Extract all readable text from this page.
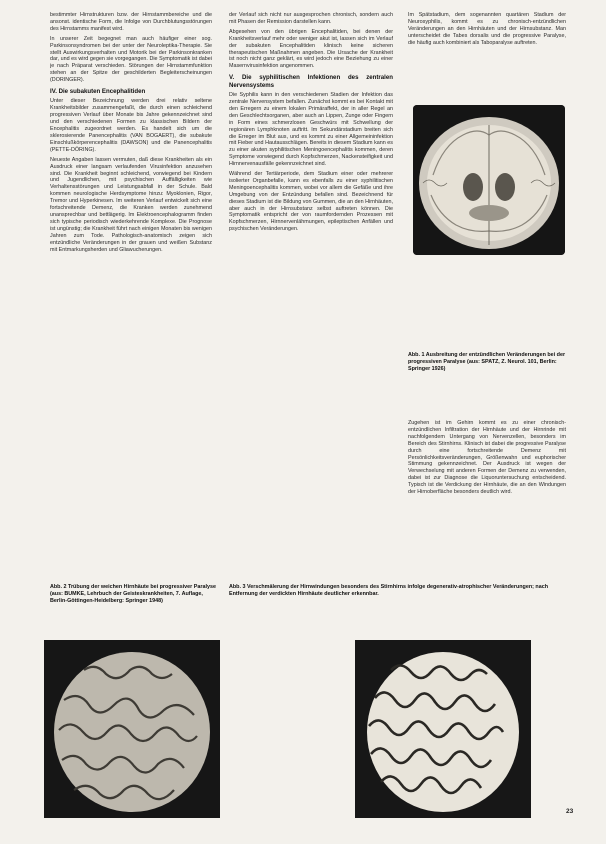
bestimmter Hirnstrukturen bzw. der Hirnstammbereiche und die ansonst. identische Form, die Infolge von Durchblutungsstörungen des Hirnstamms manifest wird.

In unserer Zeit begegnet man auch häufiger einer sog. Parkinsonsyndromen bei der unter der Neuroleptika-Therapie. Sie stellt Auswirkungsverhalten und Motorik bei der Parkinsonkranken dar, und es wird gegen sie vorgegangen. Die Symptomatik ist dabei je nach Präparat verschieden. Störungen der Hirnstammfunktion stehen an der Spitze der geschilderten Begleiterscheinungen (DORINGER).

IV. Die subakuten Encephalitiden

Unter dieser Bezeichnung werden drei relativ seltene Krankheitsbilder zusammengefaßt, die durch einen schleichend progressiven Verlauf über Monate bis Jahre gekennzeichnet sind und den verschiedenen Formen zu klassischen Bildern der Encephalitis zugeordnet werden. Es handelt sich um die sklerosierende Panencephalitis (VAN BOGAERT), die subakute Einschlußkörperencephalitis (DAWSON) und die Panencephalitis (PETTE-DÖRING).

Neueste Angaben lassen vermuten, daß diese Krankheiten als ein Ausdruck einer langsam verlaufenden Virusinfektion anzusehen sind. Die Krankheit beginnt schleichend, vorwiegend bei Kindern und Jugendlichen, mit psychischen Auffälligkeiten wie Verhaltensstörungen und Leistungsabfall in der Schule. Bald kommen neurologische Herdsymptome hinzu: Myoklonien, Rigor, Tremor und Hyperkinesen. Im weiteren Verlauf entwickelt sich eine fortschreitende Demenz, die Kranken werden zunehmend unansprechbar und bettlägerig. Im Elektroencephalogramm finden sich typische periodisch wiederkehrende Komplexe. Die Prognose ist ungünstig; die Krankheit führt nach einigen Monaten bis wenigen Jahren zum Tode. Pathologisch-anatomisch zeigen sich entzündliche Veränderungen in der grauen und weißen Substanz mit Entmarkungsherden und Gliawucherungen.

der Verlauf sich nicht nur ausgesprochen chronisch, sondern auch mit Phasen der Remission darstellen kann.

Abgesehen von den übrigen Encephalitiden, bei denen der Krankheitsverlauf mehr oder weniger akut ist, lassen sich im Verlauf der subakuten Encephalitiden klinisch keine sicheren therapeutischen Maßnahmen angeben. Die Ursache der Krankheit ist noch nicht ganz geklärt, es wird jedoch eine Beziehung zu einer Masernvirusinfektion angenommen.

V. Die syphilitischen Infektionen des zentralen Nervensystems

Die Syphilis kann in den verschiedenen Stadien der Infektion das zentrale Nervensystem befallen. Zunächst kommt es bei Kontakt mit den Erregern zu einem lokalen Primäraffekt, der in aller Regel an den Geschlechtsorganen, aber auch an Lippen, Zunge oder Fingern in Form eines schmerzlosen Geschwürs mit Schwellung der regionären Lymphknoten auftritt. Im Sekundärstadium breiten sich die Erreger im Blut aus, und es kommt zu einer Allgemeininfektion mit Fieber und Hautausschlägen. Bereits in diesem Stadium kann es zu einer akuten syphilitischen Meningoencephalitis kommen, deren Symptome vorwiegend durch Kopfschmerzen, Nackensteifigkeit und Hirnnervenausfälle gekennzeichnet sind.

Während der Tertiärperiode, dem Stadium einer oder mehrerer isolierter Organbefalle, kann es ebenfalls zu einer syphilitischen Meningoencephalitis kommen, wobei vor allem die Gefäße und ihre Umgebung von der Entzündung befallen sind. Bezeichnend für dieses Stadium ist die Bildung von Gummen, die an den Hirnhäuten, aber auch in der Hirnsubstanz selbst auftreten können. Die Symptomatik entspricht der von raumfordernden Prozessen mit Kopfschmerzen, Hirnnervenlähmungen, epileptischen Anfällen und psychischen Veränderungen.

Im Spätstadium, dem sogenannten quartären Stadium der Neurosyphilis, kommt es zu chronisch-entzündlichen Veränderungen an den Hirnhäuten und der Hirnsubstanz. Man unterscheidet die Tabes dorsalis und die progressive Paralyse, die häufig auch kombiniert als Taboparalyse auftreten.

Abb. 1 Ausbreitung der entzündlichen Veränderungen bei der progressiven Paralyse (aus: SPATZ, Z. Neurol. 101, Berlin: Springer 1926)

Zugehen ist im Gehirn kommt es zu einer chronisch-entzündlichen Infiltration der Hirnhäute und der Hirnrinde mit nachfolgendem Untergang von Nervenzellen, besonders im Bereich des Stirnhirns. Klinisch ist dabei die progressive Paralyse durch eine fortschreitende Demenz mit Persönlichkeitsveränderungen, Größenwahn und euphorischer Stimmung gekennzeichnet. Der Ausdruck ist wegen der Verwechselung mit anderen Formen der Demenz zu verwenden, dabei ist zur Diagnose die Liquoruntersuchung entscheidend. Typisch ist die Verdickung der Hirnhäute, die an den Windungen der Hirnoberfläche besonders deutlich wird.

Abb. 2 Trübung der weichen Hirnhäute bei progressiver Paralyse (aus: BUMKE, Lehrbuch der Geisteskrankheiten, 7. Auflage, Berlin-Göttingen-Heidelberg: Springer 1948)
Abb. 3 Verschmälerung der Hirnwindungen besonders des Stirnhirns infolge degenerativ-atrophischer Veränderungen; nach Entfernung der verdickten Hirnhäute deutlicher erkennbar.
23
